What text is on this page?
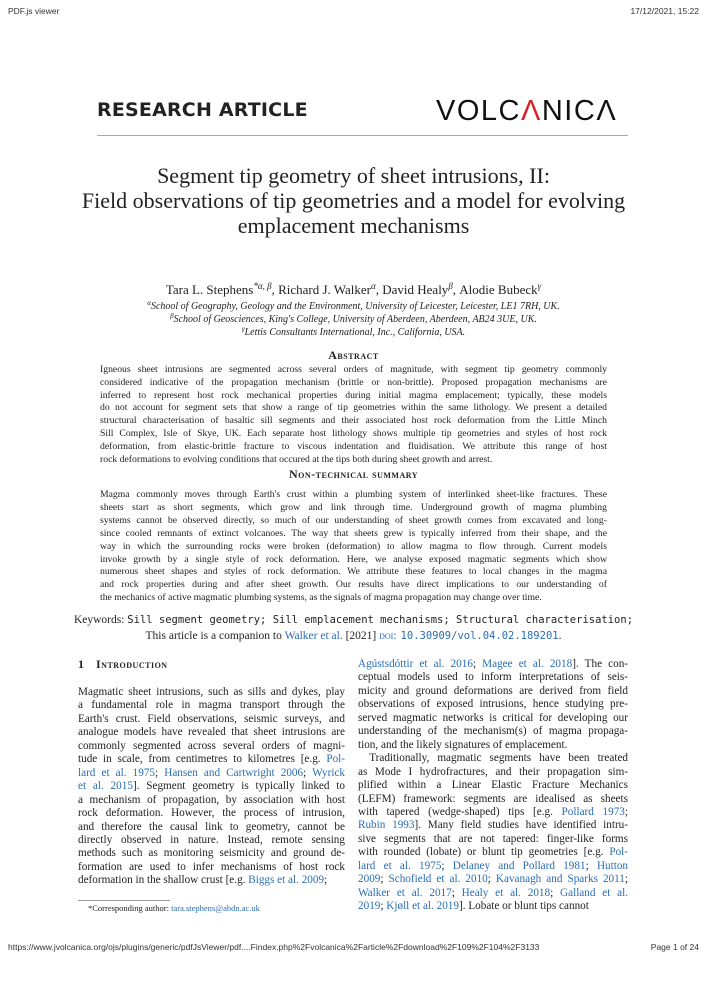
PDF.js viewer	17/12/2021, 15:22
RESEARCH ARTICLE	VOLCΛNICΛ
Segment tip geometry of sheet intrusions, II:
Field observations of tip geometries and a model for evolving
emplacement mechanisms
Tara L. Stephens$^{*\alpha, \beta}$, Richard J. Walker$^\alpha$, David Healy$^\beta$, Alodie Bubeck$^\gamma$
$^\alpha$School of Geography, Geology and the Environment, University of Leicester, Leicester, LE1 7RH, UK.
$^\beta$School of Geosciences, King's College, University of Aberdeen, Aberdeen, AB24 3UE, UK.
$^\gamma$Lettis Consultants International, Inc., California, USA.
Abstract
Igneous sheet intrusions are segmented across several orders of magnitude, with segment tip geometry commonly
considered indicative of the propagation mechanism (brittle or non-brittle). Proposed propagation mechanisms are
inferred to represent host rock mechanical properties during initial magma emplacement; typically, these models
do not account for segment sets that show a range of tip geometries within the same lithology. We present a detailed
structural characterisation of basaltic sill segments and their associated host rock deformation from the Little Minch
Sill Complex, Isle of Skye, UK. Each separate host lithology shows multiple tip geometries and styles of host rock
deformation, from elastic-brittle fracture to viscous indentation and fluidisation. We attribute this range of host
rock deformations to evolving conditions that occured at the tips both during sheet growth and arrest.
Non-technical summary
Magma commonly moves through Earth's crust within a plumbing system of interlinked sheet-like fractures. These
sheets start as short segments, which grow and link through time. Underground growth of magma plumbing
systems cannot be observed directly, so much of our understanding of sheet growth comes from excavated and long-
since cooled remnants of extinct volcanoes. The way that sheets grew is typically inferred from their shape, and the
way in which the surrounding rocks were broken (deformation) to allow magma to flow through. Current models
invoke growth by a single style of rock deformation. Here, we analyse exposed magmatic segments which show
numerous sheet shapes and styles of rock deformation. We attribute these features to local changes in the magma
and rock properties during and after sheet growth. Our results have direct implications to our understanding of
the mechanics of active magmatic plumbing systems, as the signals of magma propagation may change over time.
Keywords: Sill segment geometry; Sill emplacement mechanisms; Structural characterisation;
This article is a companion to Walker et al. [2021] doi: 10.30909/vol.04.02.189201.
1 Introduction
Magmatic sheet intrusions, such as sills and dykes, play
a fundamental role in magma transport through the
Earth's crust. Field observations, seismic surveys, and
analogue models have revealed that sheet intrusions are
commonly segmented across several orders of magni-
tude in scale, from centimetres to kilometres [e.g. Pol-
lard et al. 1975; Hansen and Cartwright 2006; Wyrick
et al. 2015]. Segment geometry is typically linked to
a mechanism of propagation, by association with host
rock deformation. However, the process of intrusion,
and therefore the causal link to geometry, cannot be
directly observed in nature. Instead, remote sensing
methods such as monitoring seismicity and ground de-
formation are used to infer mechanisms of host rock
deformation in the shallow crust [e.g. Biggs et al. 2009;
Ágústsdóttir et al. 2016; Magee et al. 2018]. The con-
ceptual models used to inform interpretations of seis-
micity and ground deformations are derived from field
observations of exposed intrusions, hence studying pre-
served magmatic networks is critical for developing our
understanding of the mechanism(s) of magma propaga-
tion, and the likely signatures of emplacement.
 Traditionally, magmatic segments have been treated
as Mode I hydrofractures, and their propagation sim-
plified within a Linear Elastic Fracture Mechanics
(LEFM) framework: segments are idealised as sheets
with tapered (wedge-shaped) tips [e.g. Pollard 1973;
Rubin 1993]. Many field studies have identified intru-
sive segments that are not tapered: finger-like forms
with rounded (lobate) or blunt tip geometries [e.g. Pol-
lard et al. 1975; Delaney and Pollard 1981; Hutton
2009; Schofield et al. 2010; Kavanagh and Sparks 2011;
Walker et al. 2017; Healy et al. 2018; Galland et al.
2019; Kjøll et al. 2019]. Lobate or blunt tips cannot
*Corresponding author: tara.stephens@abdn.ac.uk
https://www.jvolcanica.org/ojs/plugins/generic/pdfJsViewer/pdf....Findex.php%2Fvolcanica%2Farticle%2Fdownload%2F109%2F104%2F3133	Page 1 of 24
